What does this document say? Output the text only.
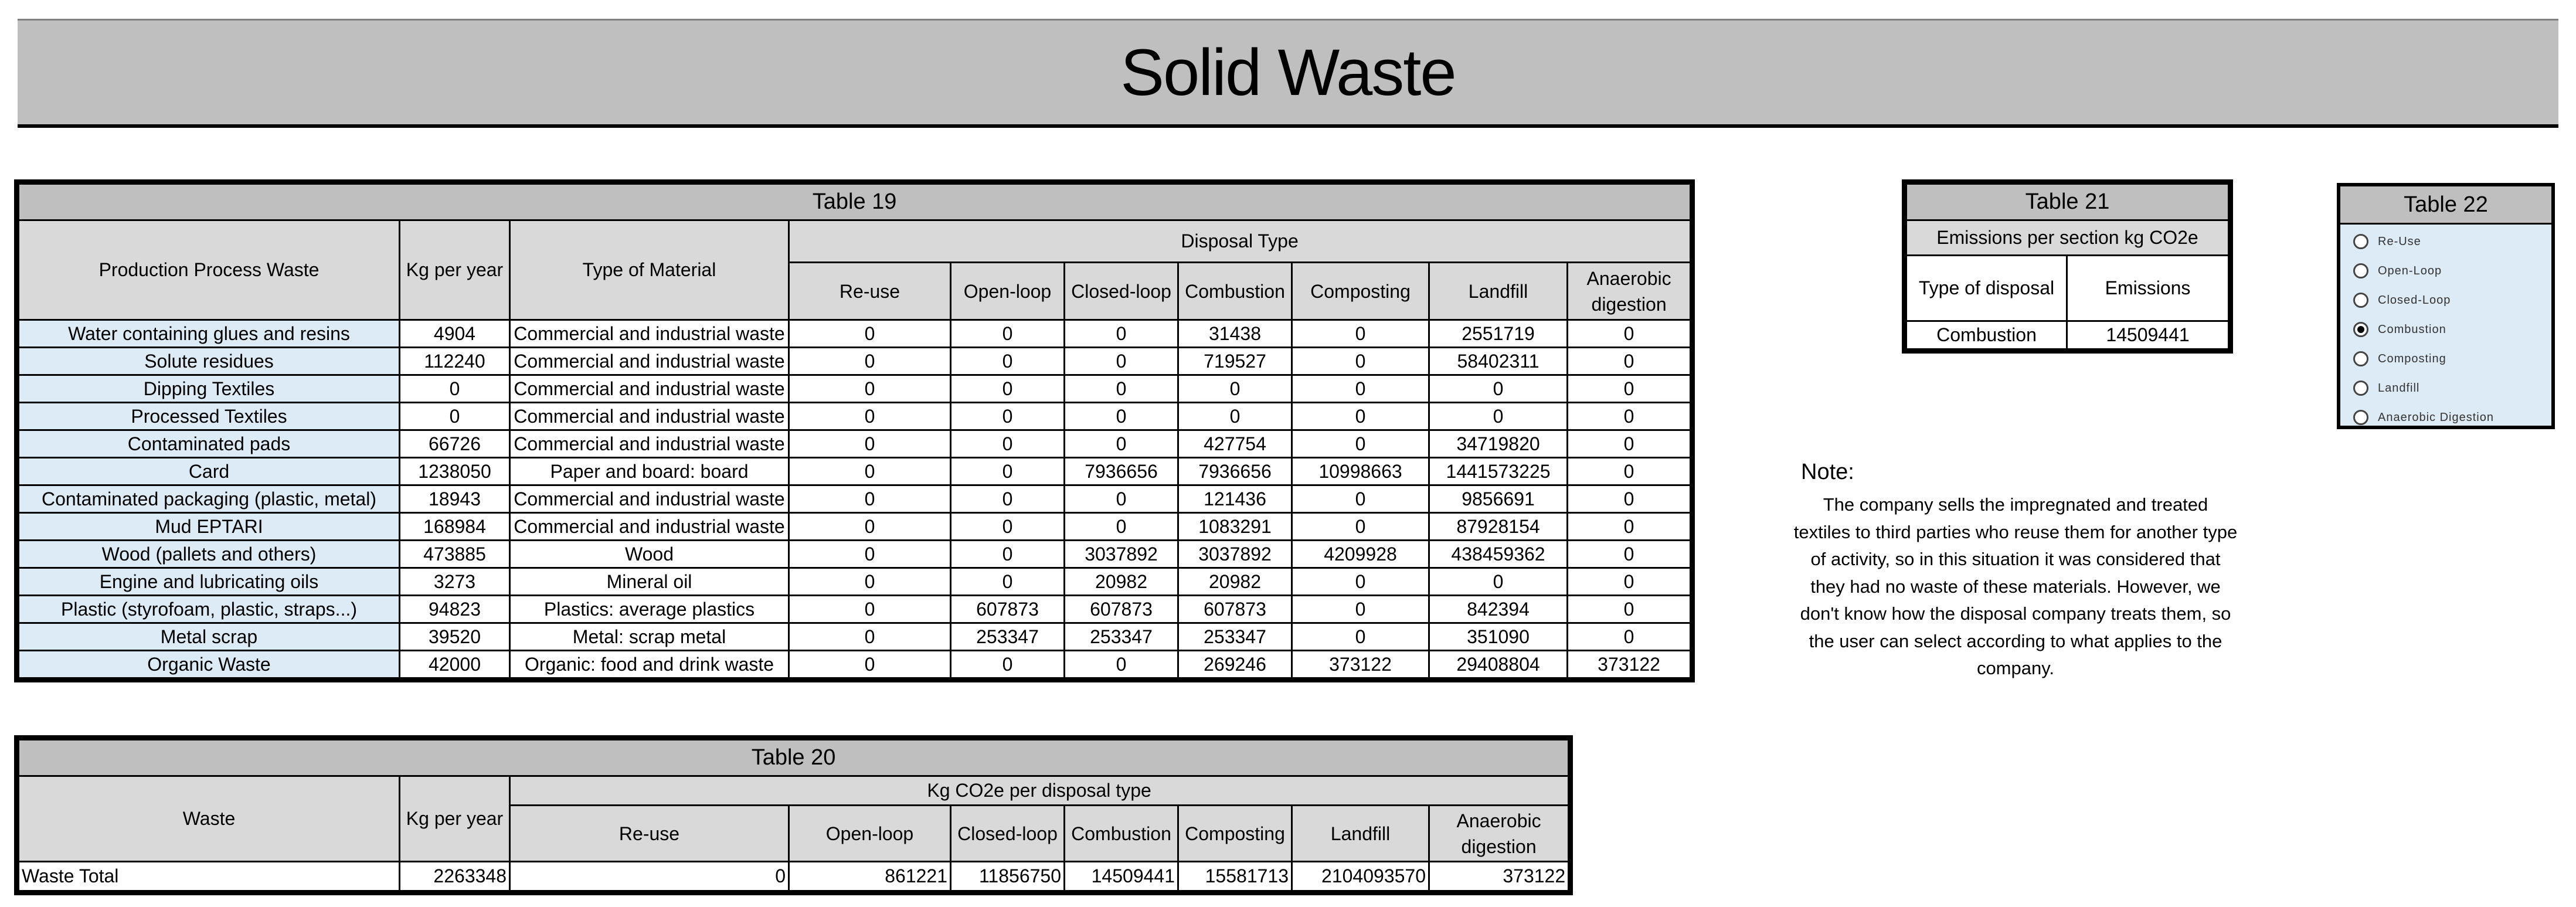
Solid Waste
Table 19									
Production Process Waste	Kg per year	Type of Material	Disposal Type						
			Re-use	Open-loop	Closed-loop	Combustion	Composting	Landfill	Anaerobic digestion
Water containing glues and resins	4904	Commercial and industrial waste	0	0	0	31438	0	2551719	0
Solute residues	112240	Commercial and industrial waste	0	0	0	719527	0	58402311	0
Dipping Textiles	0	Commercial and industrial waste	0	0	0	0	0	0	0
Processed Textiles	0	Commercial and industrial waste	0	0	0	0	0	0	0
Contaminated pads	66726	Commercial and industrial waste	0	0	0	427754	0	34719820	0
Card	1238050	Paper and board: board	0	0	7936656	7936656	10998663	1441573225	0
Contaminated packaging (plastic, metal)	18943	Commercial and industrial waste	0	0	0	121436	0	9856691	0
Mud EPTARI	168984	Commercial and industrial waste	0	0	0	1083291	0	87928154	0
Wood (pallets and others)	473885	Wood	0	0	3037892	3037892	4209928	438459362	0
Engine and lubricating oils	3273	Mineral oil	0	0	20982	20982	0	0	0
Plastic (styrofoam, plastic, straps...)	94823	Plastics: average plastics	0	607873	607873	607873	0	842394	0
Metal scrap	39520	Metal: scrap metal	0	253347	253347	253347	0	351090	0
Organic Waste	42000	Organic: food and drink waste	0	0	0	269246	373122	29408804	373122
Table 20								
Waste	Kg per year	Kg CO2e per disposal type						
		Re-use	Open-loop	Closed-loop	Combustion	Composting	Landfill	Anaerobic digestion
Waste Total	2263348	0	861221	11856750	14509441	15581713	2104093570	373122
Table 21	
Emissions per section kg CO2e	
Type of disposal	Emissions
Combustion	14509441
Table 22
Re-Use
Open-Loop
Closed-Loop
Combustion
Composting
Landfill
Anaerobic Digestion
Note:
The company sells the impregnated and treated textiles to third parties who reuse them for another type of activity, so in this situation it was considered that they had no waste of these materials. However, we don't know how the disposal company treats them, so the user can select according to what applies to the company.
